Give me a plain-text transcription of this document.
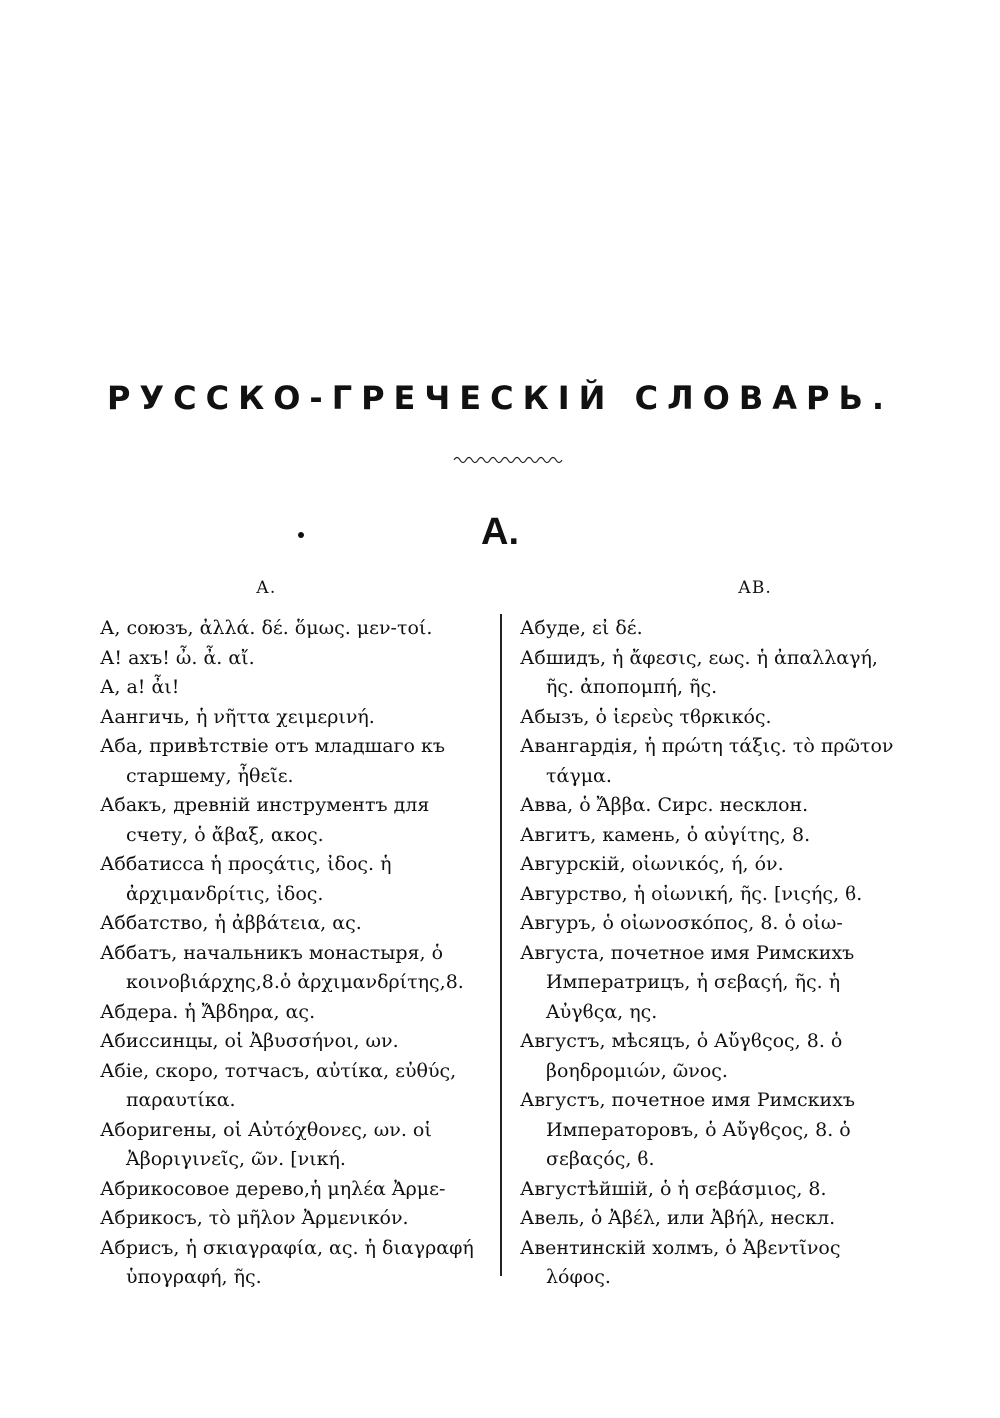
РУССКО-ГРЕЧЕСКІЙ СЛОВАРЬ.
А.
А.	АВ.

А, союзъ, ἀλλά. δέ. ὅμως. μεν-τοί.

А! ахъ! ὦ. ἆ. αἴ.

А, а! ἆι!

Аангичь, ἡ νῆττα χειμερινή.

Аба, привѣтствіе отъ младшаго къ старшему, ἦθεῖε.

Абакъ, древній инструментъ для счету, ὁ ἄβαξ, ακος.

Аббатисса ἡ προςάτις, ἰδος. ἡ ἀρχιμανδρίτις, ἰδος.

Аббатство, ἡ ἀββάτεια, ας.

Аббатъ, начальникъ монастыря, ὁ κοινοβιάρχης,8.ὁ ἀρχιμανδρίτης,8.

Абдера. ἡ Ἄβδηρα, ας.

Абиссинцы, οἱ Ἀβυσσήνοι, ων.

Абіе, скоро, тотчасъ, αὐτίκα, εὐθύς, παραυτίκα.

Аборигены, οἱ Αὐτόχθονες, ων. οἱ Ἀβοριγινεῖς, ῶν. [νική.

Абрикосовое дерево,ἡ μηλέα Ἀρμε-

Абрикосъ, τὸ μῆλον Ἀρμενικόν.

Абрисъ, ἡ σκιαγραφία, ας. ἡ διαγραφή ὑπογραφή, ῆς.

Абуде, εἰ δέ.

Абшидъ, ἡ ἄφεσις, εως. ἡ ἀπαλλαγή, ῆς. ἀποπομπή, ῆς.

Абызъ, ὁ ἱερεὺς τϐρκικός.

Авангардія, ἡ πρώτη τάξις. τὸ πρῶτον τάγμα.

Авва, ὁ Ἄββα. Сирс. несклон.

Авгитъ, камень, ὁ αὐγίτης, 8.

Авгурскій, οἰωνικός, ή, όν.

Авгурство, ἡ οἰωνική, ῆς. [νιςής, ϐ.

Авгуръ, ὁ οἰωνοσκόπος, 8. ὁ οἰω-

Августа, почетное имя Римскихъ Императрицъ, ἡ σεβαςή, ῆς. ἡ Αὐγϐςα, ης.

Августъ, мѣсяцъ, ὁ Αὔγϐςος, 8. ὁ βοηδρομιών, ῶνος.

Августъ, почетное имя Римскихъ Императоровъ, ὁ Αὔγϐςος, 8. ὁ σεβαςός, ϐ.

Августѣйшій, ὁ ἡ σεβάσμιος, 8.

Авель, ὁ Ἀβέλ, или Ἀβήλ, нескл.

Авентинскій холмъ, ὁ Ἀβεντῖνος λόφος.
